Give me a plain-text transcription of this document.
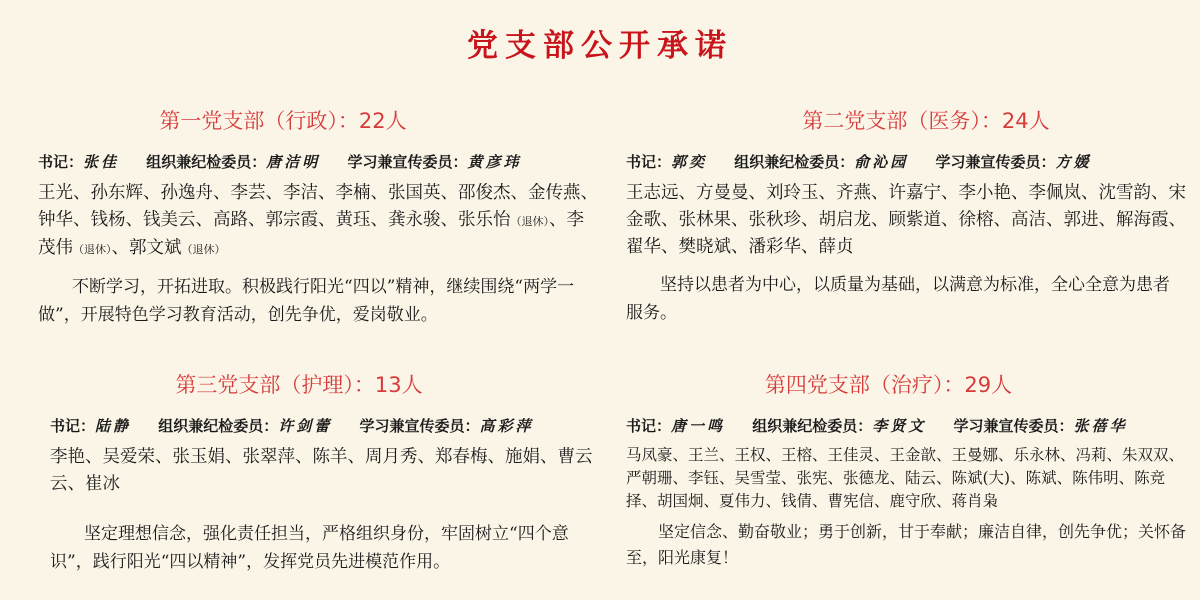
党支部公开承诺
第一党支部（行政）：22人
书记：张佳 组织兼纪检委员：唐洁明 学习兼宣传委员：黄彦玮
王光、孙东辉、孙逸舟、李芸、李洁、李楠、张国英、邵俊杰、金传燕、钟华、钱杨、钱美云、高路、郭宗霞、黄珏、龚永骏、张乐怡（退休）、李茂伟（退休）、郭文斌（退休）
不断学习，开拓进取。积极践行阳光“四以”精神，继续围绕“两学一做”，开展特色学习教育活动，创先争优，爱岗敬业。
第二党支部（医务）：24人
书记：郭奕 组织兼纪检委员：俞沁园 学习兼宣传委员：方媛
王志远、方曼曼、刘玲玉、齐燕、许嘉宁、李小艳、李佩岚、沈雪韵、宋金歌、张林果、张秋珍、胡启龙、顾紫道、徐榕、高洁、郭进、解海霞、翟华、樊晓斌、潘彩华、薛贞
坚持以患者为中心，以质量为基础，以满意为标准，全心全意为患者服务。
第三党支部（护理）：13人
书记：陆静 组织兼纪检委员：许剑蕾 学习兼宣传委员：高彩萍
李艳、吴爱荣、张玉娟、张翠萍、陈羊、周月秀、郑春梅、施娟、曹云云、崔冰
坚定理想信念，强化责任担当，严格组织身份，牢固树立“四个意识”，践行阳光“四以精神”，发挥党员先进模范作用。
第四党支部（治疗）：29人
书记：唐一鸣 组织兼纪检委员：李贤文 学习兼宣传委员：张蓓华
马凤豪、王兰、王权、王榕、王佳灵、王金歆、王曼娜、乐永林、冯莉、朱双双、严朝珊、李钰、吴雪莹、张宪、张德龙、陆云、陈斌(大)、陈斌、陈伟明、陈竞择、胡国炯、夏伟力、钱倩、曹宪信、鹿守欣、蒋肖枭
坚定信念、勤奋敬业；勇于创新，甘于奉献；廉洁自律，创先争优；关怀备至，阳光康复！
